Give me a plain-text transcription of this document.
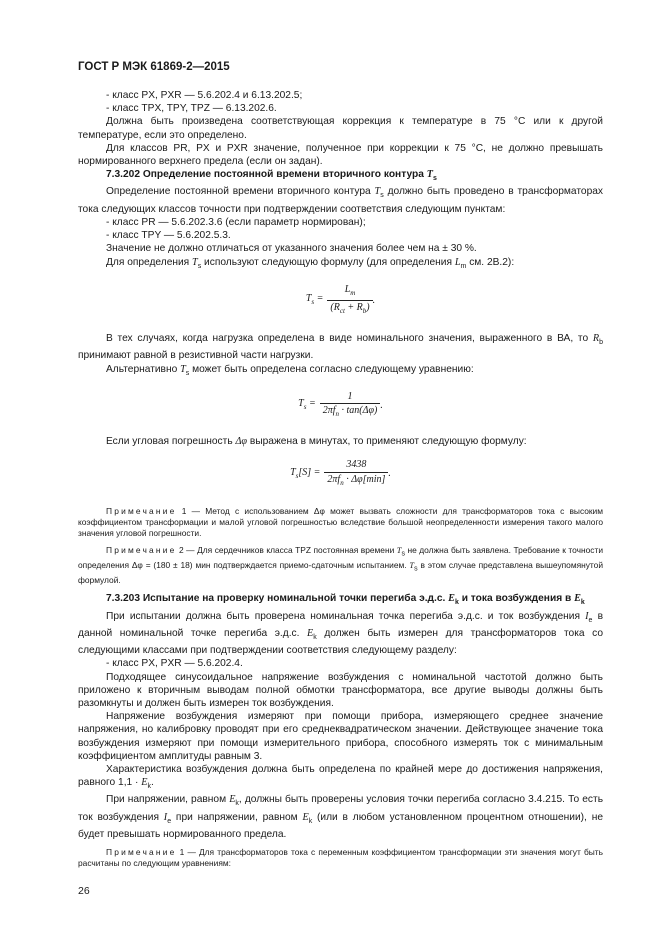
ГОСТ Р МЭК 61869-2—2015

- класс PX, PXR — 5.6.202.4 и 6.13.202.5;

- класс TPX, TPY, TPZ — 6.13.202.6.

Должна быть произведена соответствующая коррекция к температуре в 75 °С или к другой температуре, если это определено.

Для классов PR, PX и PXR значение, полученное при коррекции к 75 °С, не должно превышать нормированного верхнего предела (если он задан).

7.3.202 Определение постоянной времени вторичного контура $T_s$

Определение постоянной времени вторичного контура $T_s$ должно быть проведено в трансформаторах тока следующих классов точности при подтверждении соответствия следующим пунктам:

- класс PR — 5.6.202.3.6 (если параметр нормирован);

- класс TPY — 5.6.202.5.3.

Значение не должно отличаться от указанного значения более чем на ± 30 %.

Для определения $T_s$ используют следующую формулу (для определения $L_m$ см. 2В.2):

$T_s = \frac{L_m}{(R_{ct} + R_b)}$ .

В тех случаях, когда нагрузка определена в виде номинального значения, выраженного в ВА, то $R_b$ принимают равной в резистивной части нагрузки.

Альтернативно $T_s$ может быть определена согласно следующему уравнению:

$T_s = \frac{1}{2\pi f_n \cdot \tan(\Delta\varphi)}$ .

Если угловая погрешность Δφ выражена в минутах, то применяют следующую формулу:

$T_s[S] = \frac{3438}{2\pi f_n \cdot \Delta\varphi[\min]}$ .

Примечание 1 — Метод с использованием Δφ может вызвать сложности для трансформаторов тока с высоким коэффициентом трансформации и малой угловой погрешностью вследствие большой неопределенности измерения такого малого значения угловой погрешности.

Примечание 2 — Для сердечников класса TPZ постоянная времени $T_s$ не должна быть заявлена. Требование к точности определения Δφ = (180 ± 18) мин подтверждается приемо-сдаточным испытанием. $T_s$ в этом случае представлена вышеупомянутой формулой.

7.3.203 Испытание на проверку номинальной точки перегиба э.д.с. $E_k$ и тока возбуждения в $E_k$

При испытании должна быть проверена номинальная точка перегиба э.д.с. и ток возбуждения $I_e$ в данной номинальной точке перегиба э.д.с. $E_k$ должен быть измерен для трансформаторов тока со следующими классами при подтверждении соответствия следующему разделу:

- класс PX, PXR — 5.6.202.4.

Подходящее синусоидальное напряжение возбуждения с номинальной частотой должно быть приложено к вторичным выводам полной обмотки трансформатора, все другие выводы должны быть разомкнуты и должен быть измерен ток возбуждения.

Напряжение возбуждения измеряют при помощи прибора, измеряющего среднее значение напряжения, но калибровку проводят при его среднеквадратическом значении. Действующее значение тока возбуждения измеряют при помощи измерительного прибора, способного измерять ток с минимальным коэффициентом амплитуды равным 3.

Характеристика возбуждения должна быть определена по крайней мере до достижения напряжения, равного $1,1 \cdot E_k$.

При напряжении, равном $E_k$, должны быть проверены условия точки перегиба согласно 3.4.215. То есть ток возбуждения $I_e$ при напряжении, равном $E_k$ (или в любом установленном процентном отношении), не будет превышать нормированного предела.

Примечание 1 — Для трансформаторов тока с переменным коэффициентом трансформации эти значения могут быть расчитаны по следующим уравнениям:

26
